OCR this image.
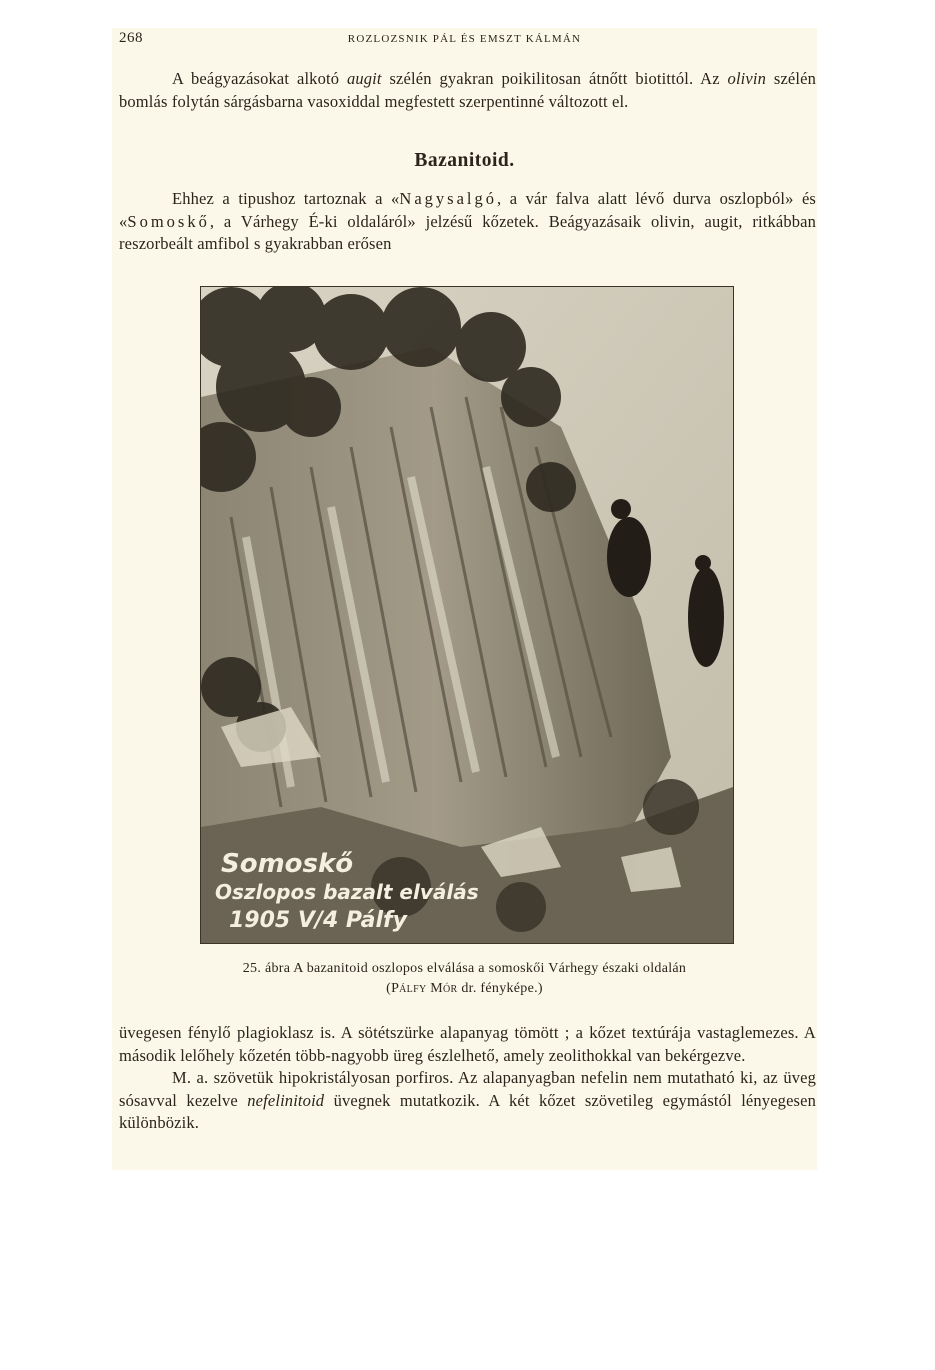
268	ROZLOZSNIK PÁL ÉS EMSZT KÁLMÁN

A beágyazásokat alkotó augit szélén gyakran poikilitosan átnőtt biotittól. Az olivin szélén bomlás folytán sárgásbarna vasoxiddal megfestett szerpentinné változott el.

Bazanitoid.

Ehhez a tipushoz tartoznak a «Nagysalgó, a vár falva alatt lévő durva oszlopból» és «Somoskő, a Várhegy É-ki oldaláról» jelzésű kőzetek. Beágyazásaik olivin, augit, ritkábban reszorbeált amfibol s gyakrabban erősen

Somoskő
Oszlopos bazalt elválás
1905 V/4 Pálfy
25. ábra A bazanitoid oszlopos elválása a somoskői Várhegy északi oldalán
(Pálfy Mór dr. fényképe.)

üvegesen fénylő plagioklasz is. A sötétszürke alapanyag tömött ; a kőzet textúrája vastaglemezes. A második lelőhely kőzetén több-nagyobb üreg észlelhető, amely zeolithokkal van bekérgezve.

M. a. szövetük hipokristályosan porfiros. Az alapanyagban nefelin nem mutatható ki, az üveg sósavval kezelve nefelinitoid üvegnek mutatkozik. A két kőzet szövetileg egymástól lényegesen különbözik.
